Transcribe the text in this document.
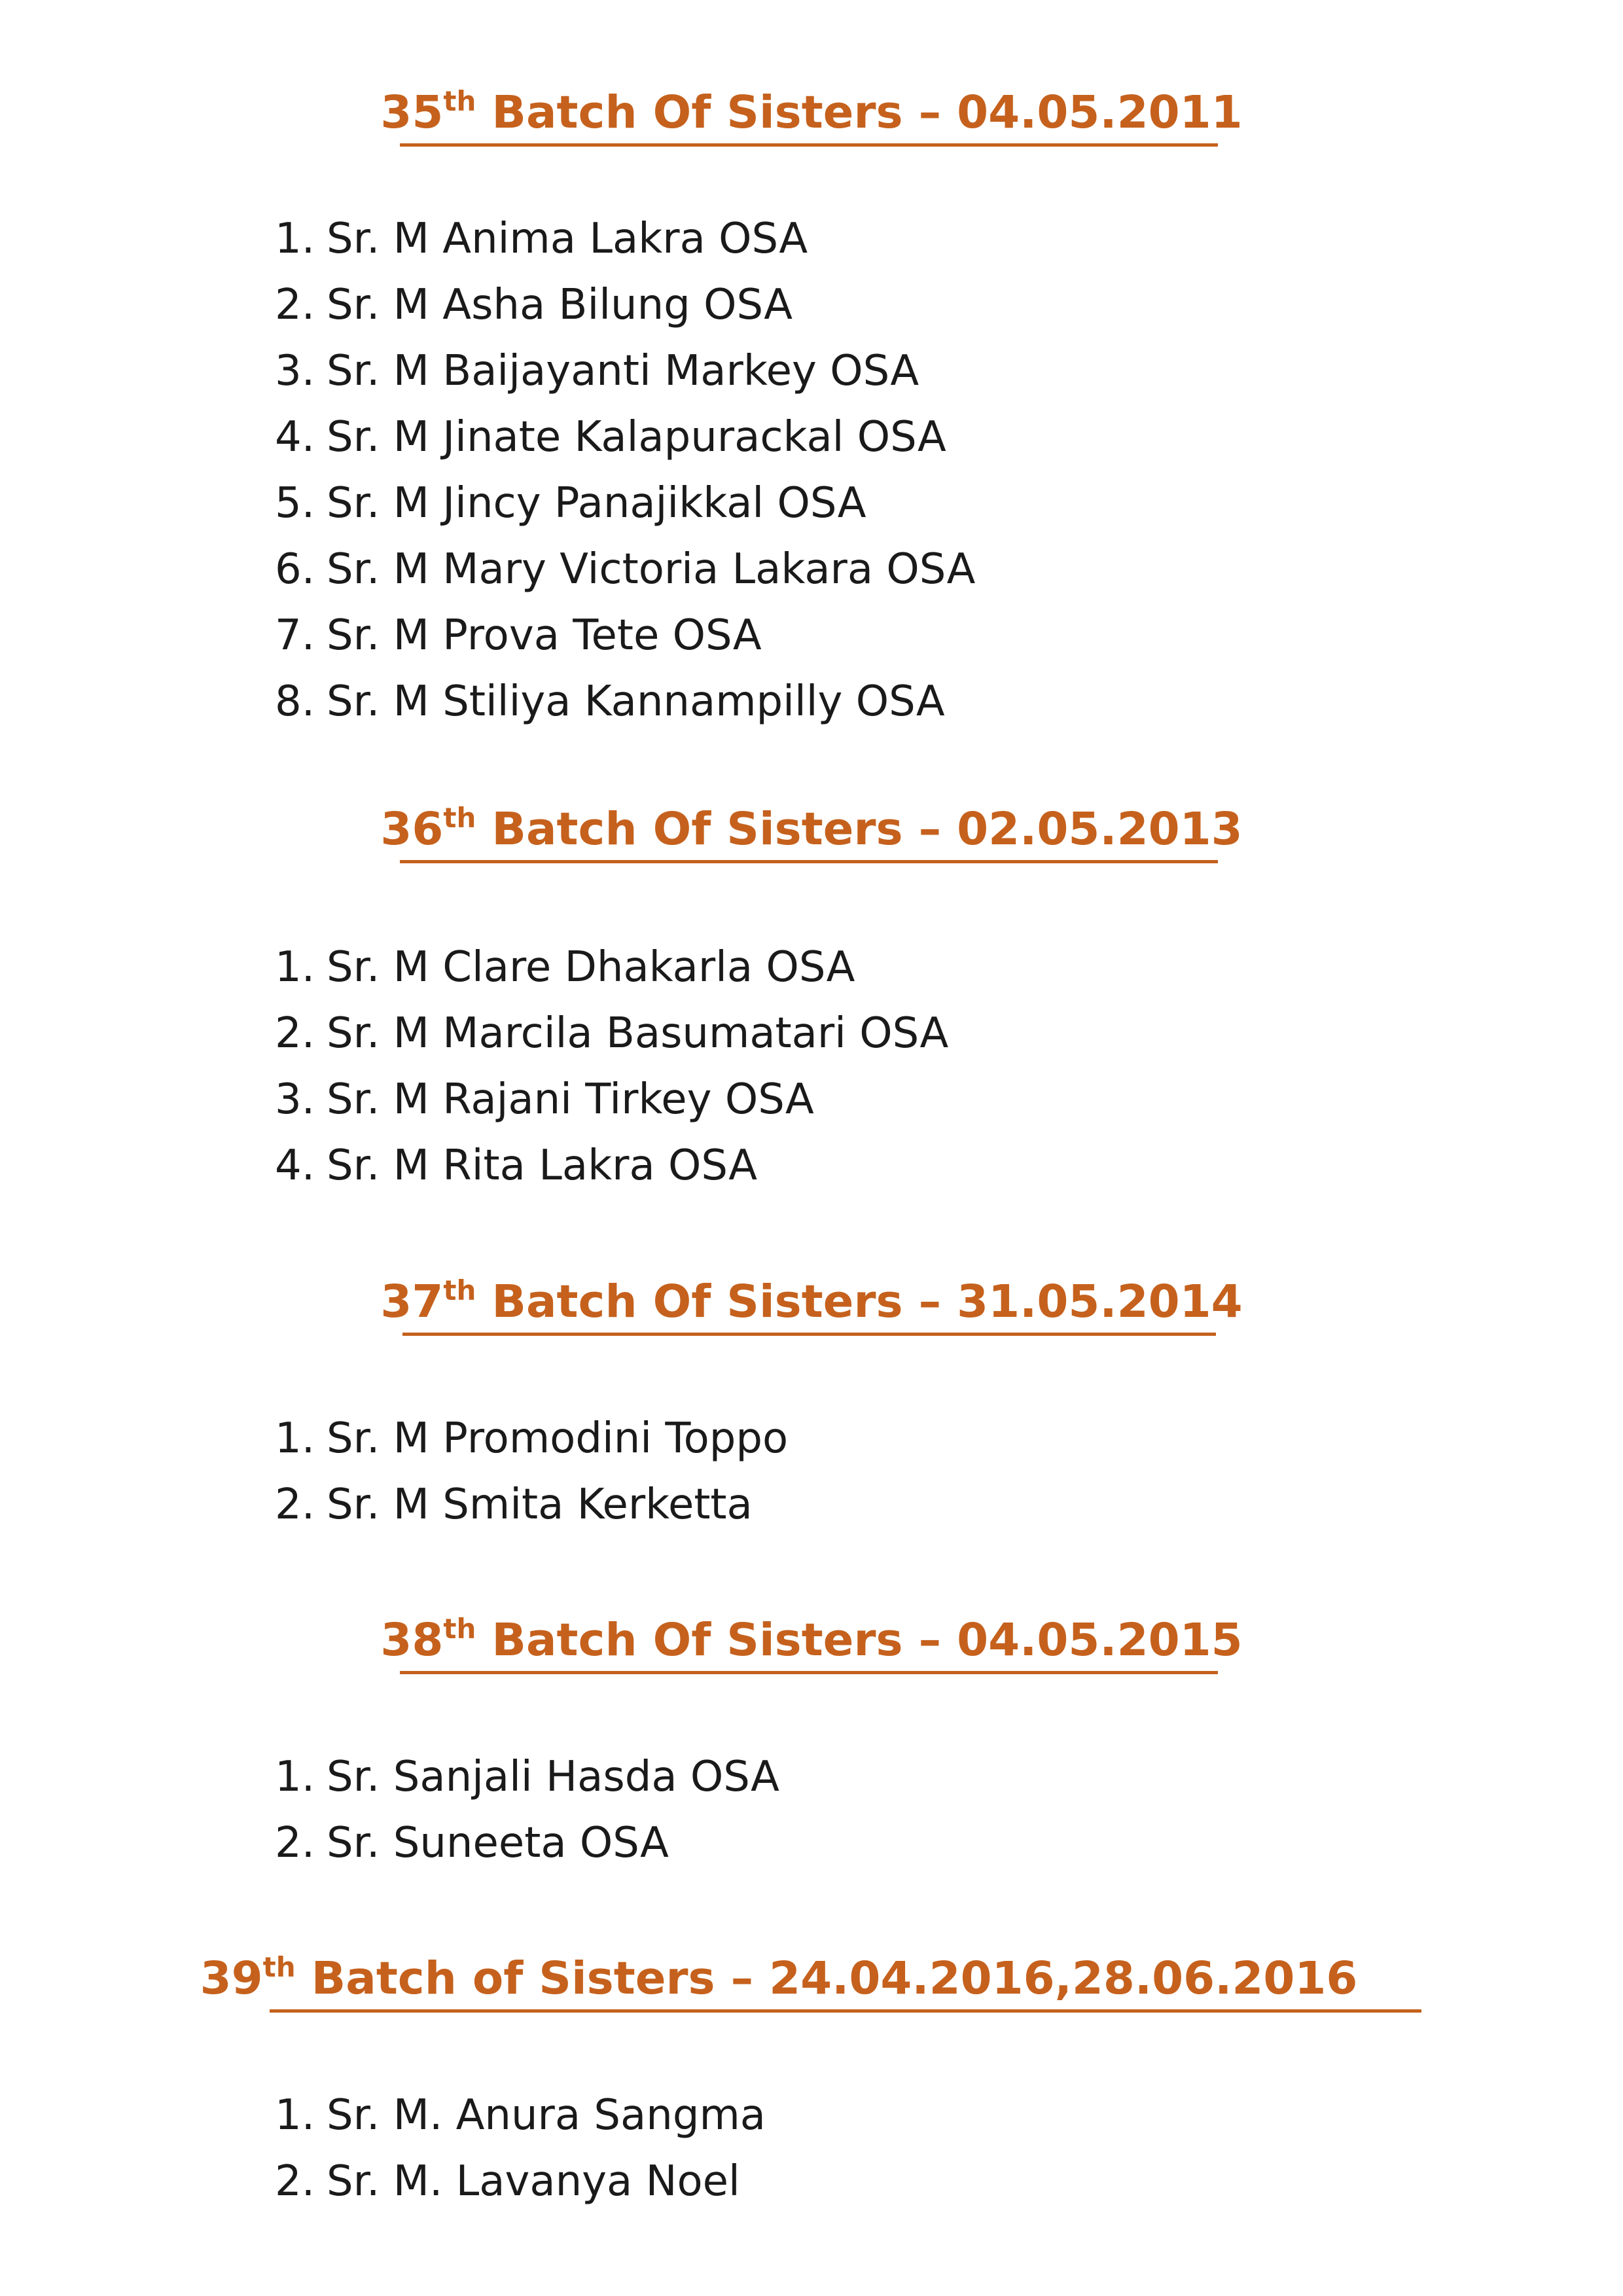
35th Batch Of Sisters – 04.05.2011
1. Sr. M Anima Lakra OSA
2. Sr. M Asha Bilung OSA
3. Sr. M Baijayanti Markey OSA
4. Sr. M Jinate Kalapurackal OSA
5. Sr. M Jincy Panajikkal OSA
6. Sr. M Mary Victoria Lakara OSA
7. Sr. M Prova Tete OSA
8. Sr. M Stiliya Kannampilly OSA
36th Batch Of Sisters – 02.05.2013
1. Sr. M Clare Dhakarla OSA
2. Sr. M Marcila Basumatari OSA
3. Sr. M Rajani Tirkey OSA
4. Sr. M Rita Lakra OSA
37th Batch Of Sisters – 31.05.2014
1. Sr. M Promodini Toppo
2. Sr. M Smita Kerketta
38th Batch Of Sisters – 04.05.2015
1. Sr. Sanjali Hasda OSA
2. Sr. Suneeta OSA
39th Batch of Sisters – 24.04.2016,28.06.2016
1. Sr. M. Anura Sangma
2. Sr. M. Lavanya Noel
